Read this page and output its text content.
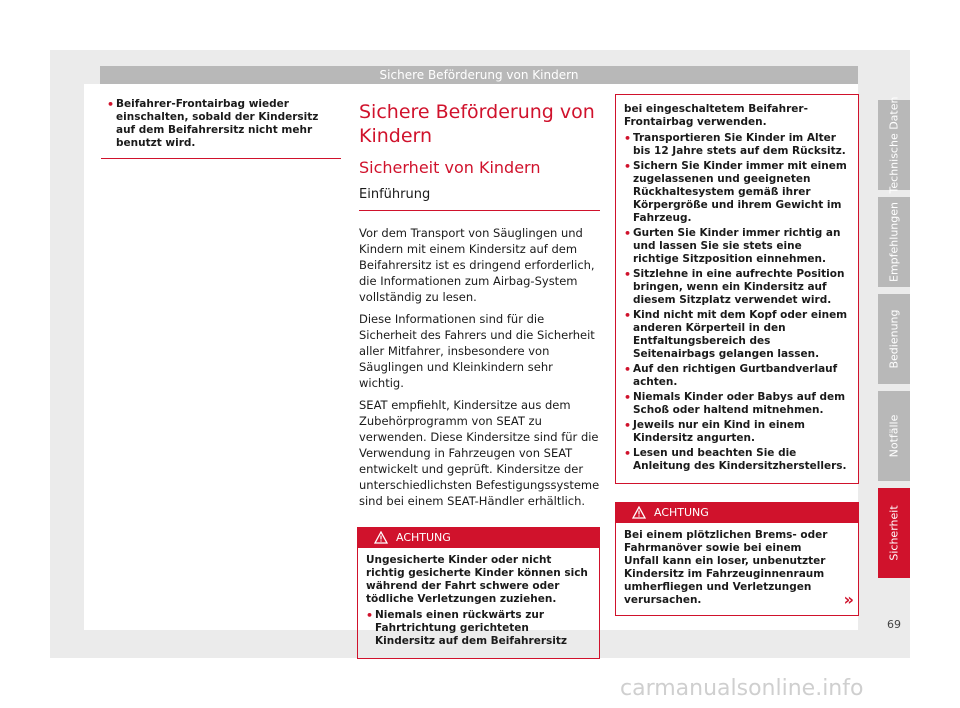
Sichere Beförderung von Kindern
• Beifahrer-Frontairbag wieder einschalten, sobald der Kindersitz auf dem Beifahrersitz nicht mehr benutzt wird.
Sichere Beförderung von Kindern
Sicherheit von Kindern
Einführung

Vor dem Transport von Säuglingen und Kindern mit einem Kindersitz auf dem Beifahrersitz ist es dringend erforderlich, die Informationen zum Airbag-System vollständig zu lesen.

Diese Informationen sind für die Sicherheit des Fahrers und die Sicherheit aller Mitfahrer, insbesondere von Säuglingen und Kleinkindern sehr wichtig.

SEAT empfiehlt, Kindersitze aus dem Zubehörprogramm von SEAT zu verwenden. Diese Kindersitze sind für die Verwendung in Fahrzeugen von SEAT entwickelt und geprüft. Kindersitze der unterschiedlichsten Befestigungssysteme sind bei einem SEAT-Händler erhältlich.

ACHTUNG
Ungesicherte Kinder oder nicht richtig gesicherte Kinder können sich während der Fahrt schwere oder tödliche Verletzungen zuziehen.
• Niemals einen rückwärts zur Fahrtrichtung gerichteten Kindersitz auf dem Beifahrersitz

bei eingeschaltetem Beifahrer-Frontairbag verwenden.

• Transportieren Sie Kinder im Alter bis 12 Jahre stets auf dem Rücksitz.
• Sichern Sie Kinder immer mit einem zugelassenen und geeigneten Rückhaltesystem gemäß ihrer Körpergröße und ihrem Gewicht im Fahrzeug.
• Gurten Sie Kinder immer richtig an und lassen Sie sie stets eine richtige Sitzposition einnehmen.
• Sitzlehne in eine aufrechte Position bringen, wenn ein Kindersitz auf diesem Sitzplatz verwendet wird.
• Kind nicht mit dem Kopf oder einem anderen Körperteil in den Entfaltungsbereich des Seitenairbags gelangen lassen.
• Auf den richtigen Gurtbandverlauf achten.
• Niemals Kinder oder Babys auf dem Schoß oder haltend mitnehmen.
• Jeweils nur ein Kind in einem Kindersitz angurten.
• Lesen und beachten Sie die Anleitung des Kindersitzherstellers.
ACHTUNG
Bei einem plötzlichen Brems- oder Fahrmanöver sowie bei einem Unfall kann ein loser, unbenutzter Kindersitz im Fahrzeuginnenraum umherfliegen und Verletzungen verursachen.	»
Technische Daten
Empfehlungen
Bedienung
Notfälle
Sicherheit
69
carmanualsonline.info
